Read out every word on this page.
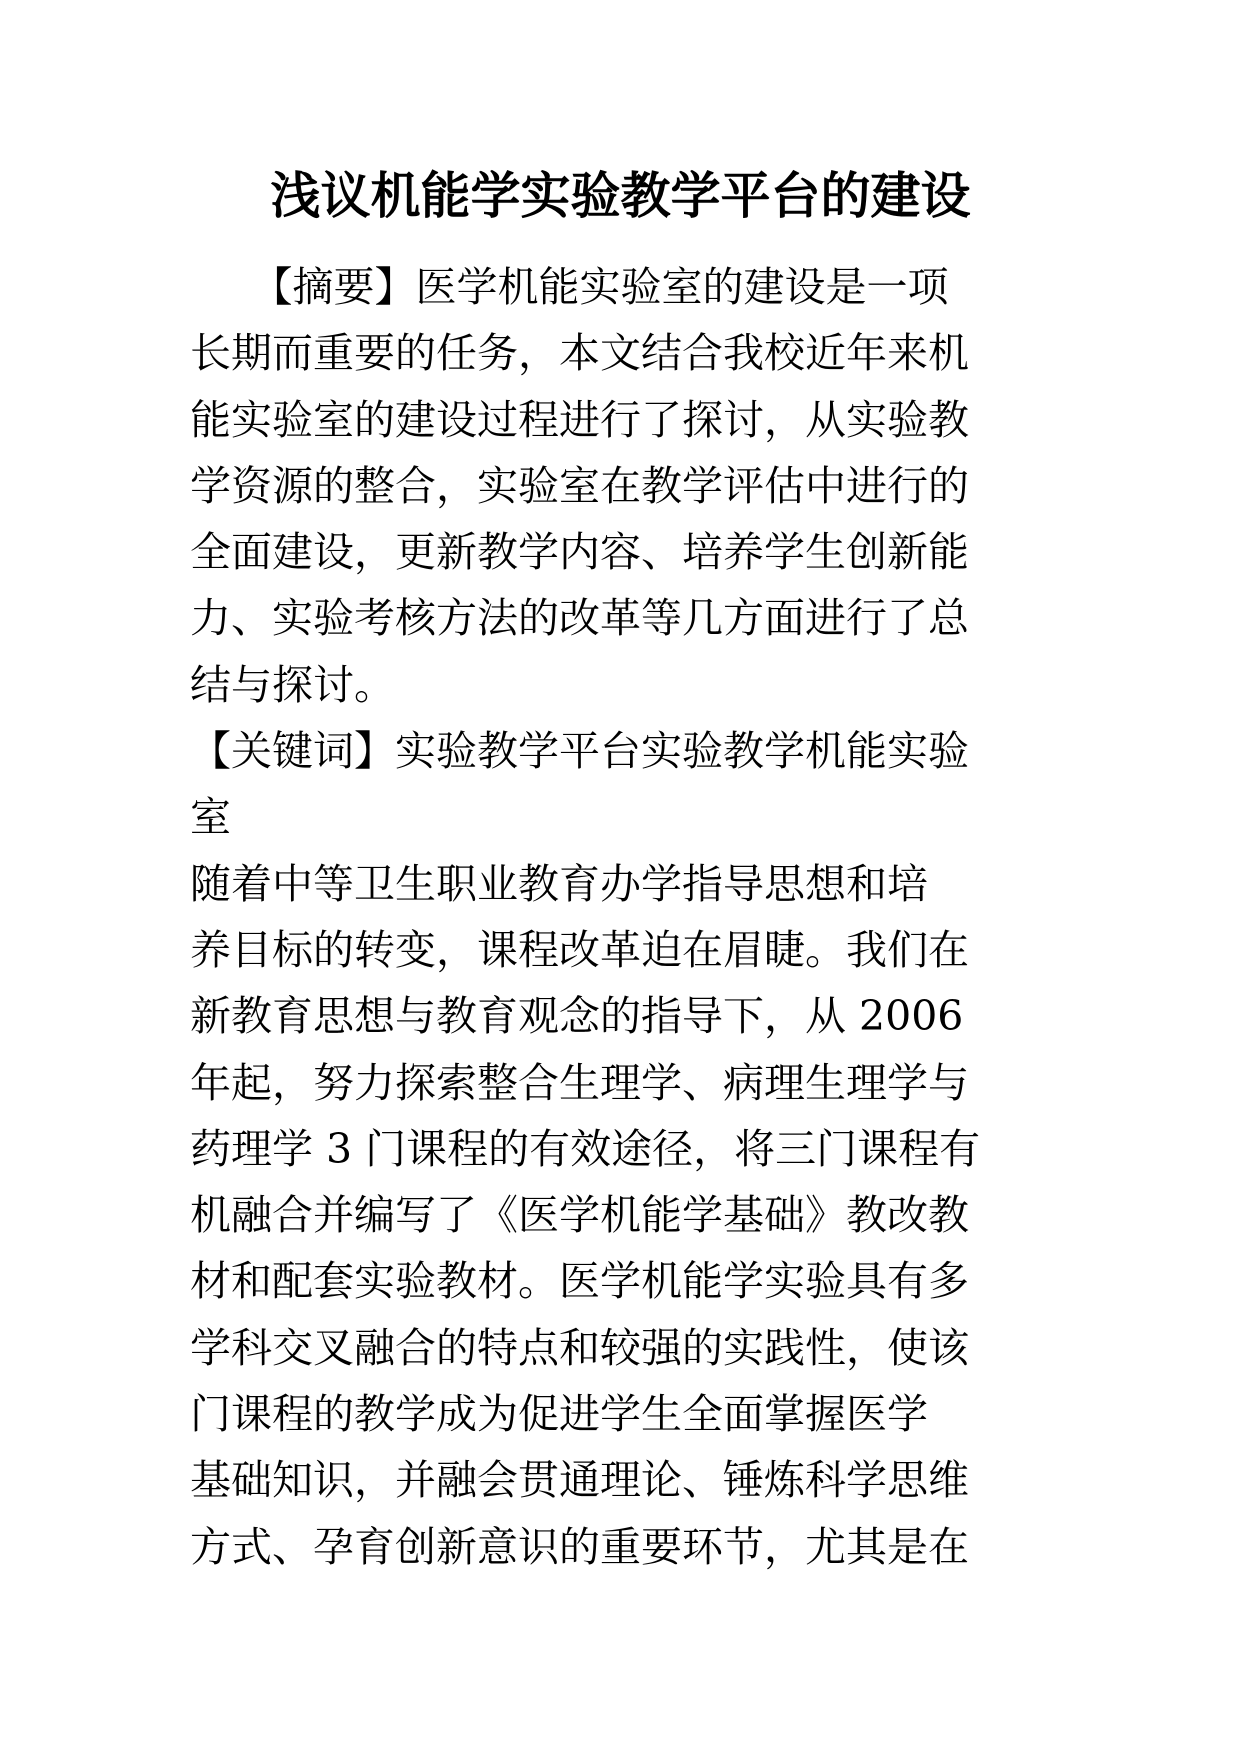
浅议机能学实验教学平台的建设

　　【摘要】医学机能实验室的建设是一项

长期而重要的任务，本文结合我校近年来机

能实验室的建设过程进行了探讨，从实验教

学资源的整合，实验室在教学评估中进行的

全面建设，更新教学内容、培养学生创新能

力、实验考核方法的改革等几方面进行了总

结与探讨。

【关键词】实验教学平台实验教学机能实验

室

随着中等卫生职业教育办学指导思想和培

养目标的转变，课程改革迫在眉睫。我们在

新教育思想与教育观念的指导下，从 2006

年起，努力探索整合生理学、病理生理学与

药理学 3 门课程的有效途径，将三门课程有

机融合并编写了《医学机能学基础》教改教

材和配套实验教材。医学机能学实验具有多

学科交叉融合的特点和较强的实践性，使该

门课程的教学成为促进学生全面掌握医学

基础知识，并融会贯通理论、锤炼科学思维

方式、孕育创新意识的重要环节，尤其是在
